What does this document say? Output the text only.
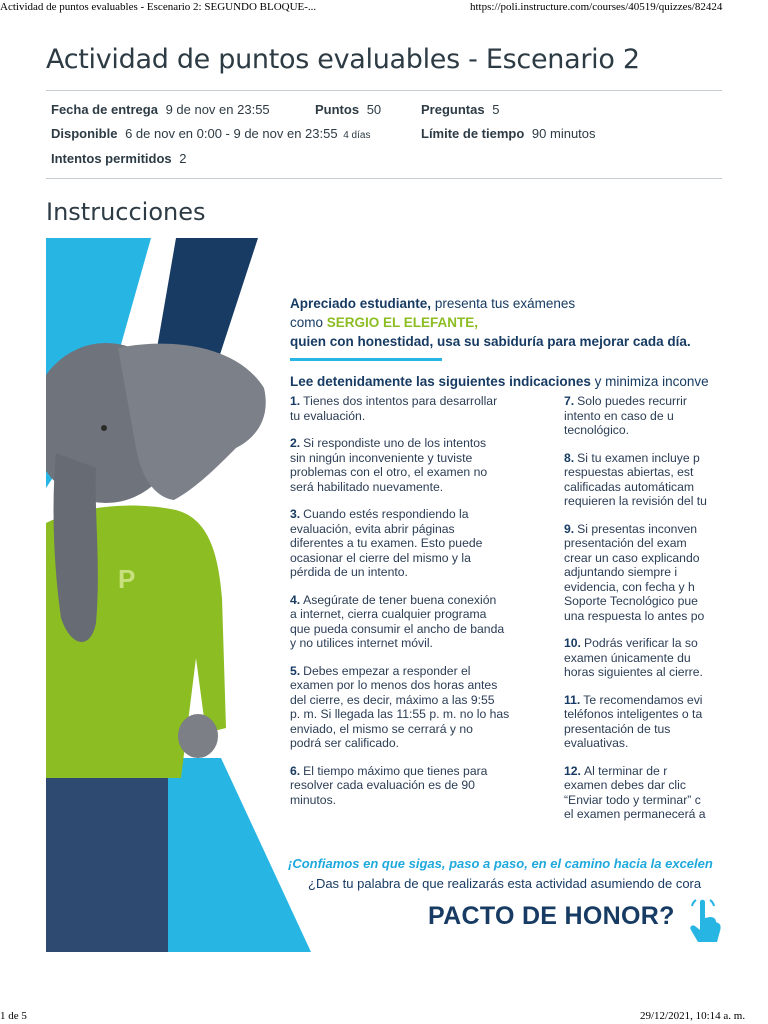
Actividad de puntos evaluables - Escenario 2: SEGUNDO BLOQUE-...	https://poli.instructure.com/courses/40519/quizzes/82424
Actividad de puntos evaluables - Escenario 2
Fecha de entrega 9 de nov en 23:55	Puntos 50	Preguntas 5
Disponible 6 de nov en 0:00 - 9 de nov en 23:55 4 días	Límite de tiempo 90 minutos
Intentos permitidos 2
Instrucciones
P
Apreciado estudiante, presenta tus exámenes
como SERGIO EL ELEFANTE,
quien con honestidad, usa su sabiduría para mejorar cada día.
Lee detenidamente las siguientes indicaciones y minimiza inconve
1. Tienes dos intentos para desarrollar
tu evaluación.
2. Si respondiste uno de los intentos
sin ningún inconveniente y tuviste
problemas con el otro, el examen no
será habilitado nuevamente.
3. Cuando estés respondiendo la
evaluación, evita abrir páginas
diferentes a tu examen. Esto puede
ocasionar el cierre del mismo y la
pérdida de un intento.
4. Asegúrate de tener buena conexión
a internet, cierra cualquier programa
que pueda consumir el ancho de banda
y no utilices internet móvil.
5. Debes empezar a responder el
examen por lo menos dos horas antes
del cierre, es decir, máximo a las 9:55
p. m. Si llegada las 11:55 p. m. no lo has
enviado, el mismo se cerrará y no
podrá ser calificado.
6. El tiempo máximo que tienes para
resolver cada evaluación es de 90
minutos.
7. Solo puedes recurrir
intento en caso de u
tecnológico.
8. Si tu examen incluye p
respuestas abiertas, est
calificadas automáticam
requieren la revisión del tu
9. Si presentas inconven
presentación del exam
crear un caso explicando
adjuntando siempre i
evidencia, con fecha y h
Soporte Tecnológico pue
una respuesta lo antes po
10. Podrás verificar la so
examen únicamente du
horas siguientes al cierre.
11. Te recomendamos evi
teléfonos inteligentes o ta
presentación de tus
evaluativas.
12. Al terminar de r
examen debes dar clic
“Enviar todo y terminar” c
el examen permanecerá a
¡Confiamos en que sigas, paso a paso, en el camino hacia la excelen
¿Das tu palabra de que realizarás esta actividad asumiendo de cora
PACTO DE HONOR?
1 de 5	29/12/2021, 10:14 a. m.
